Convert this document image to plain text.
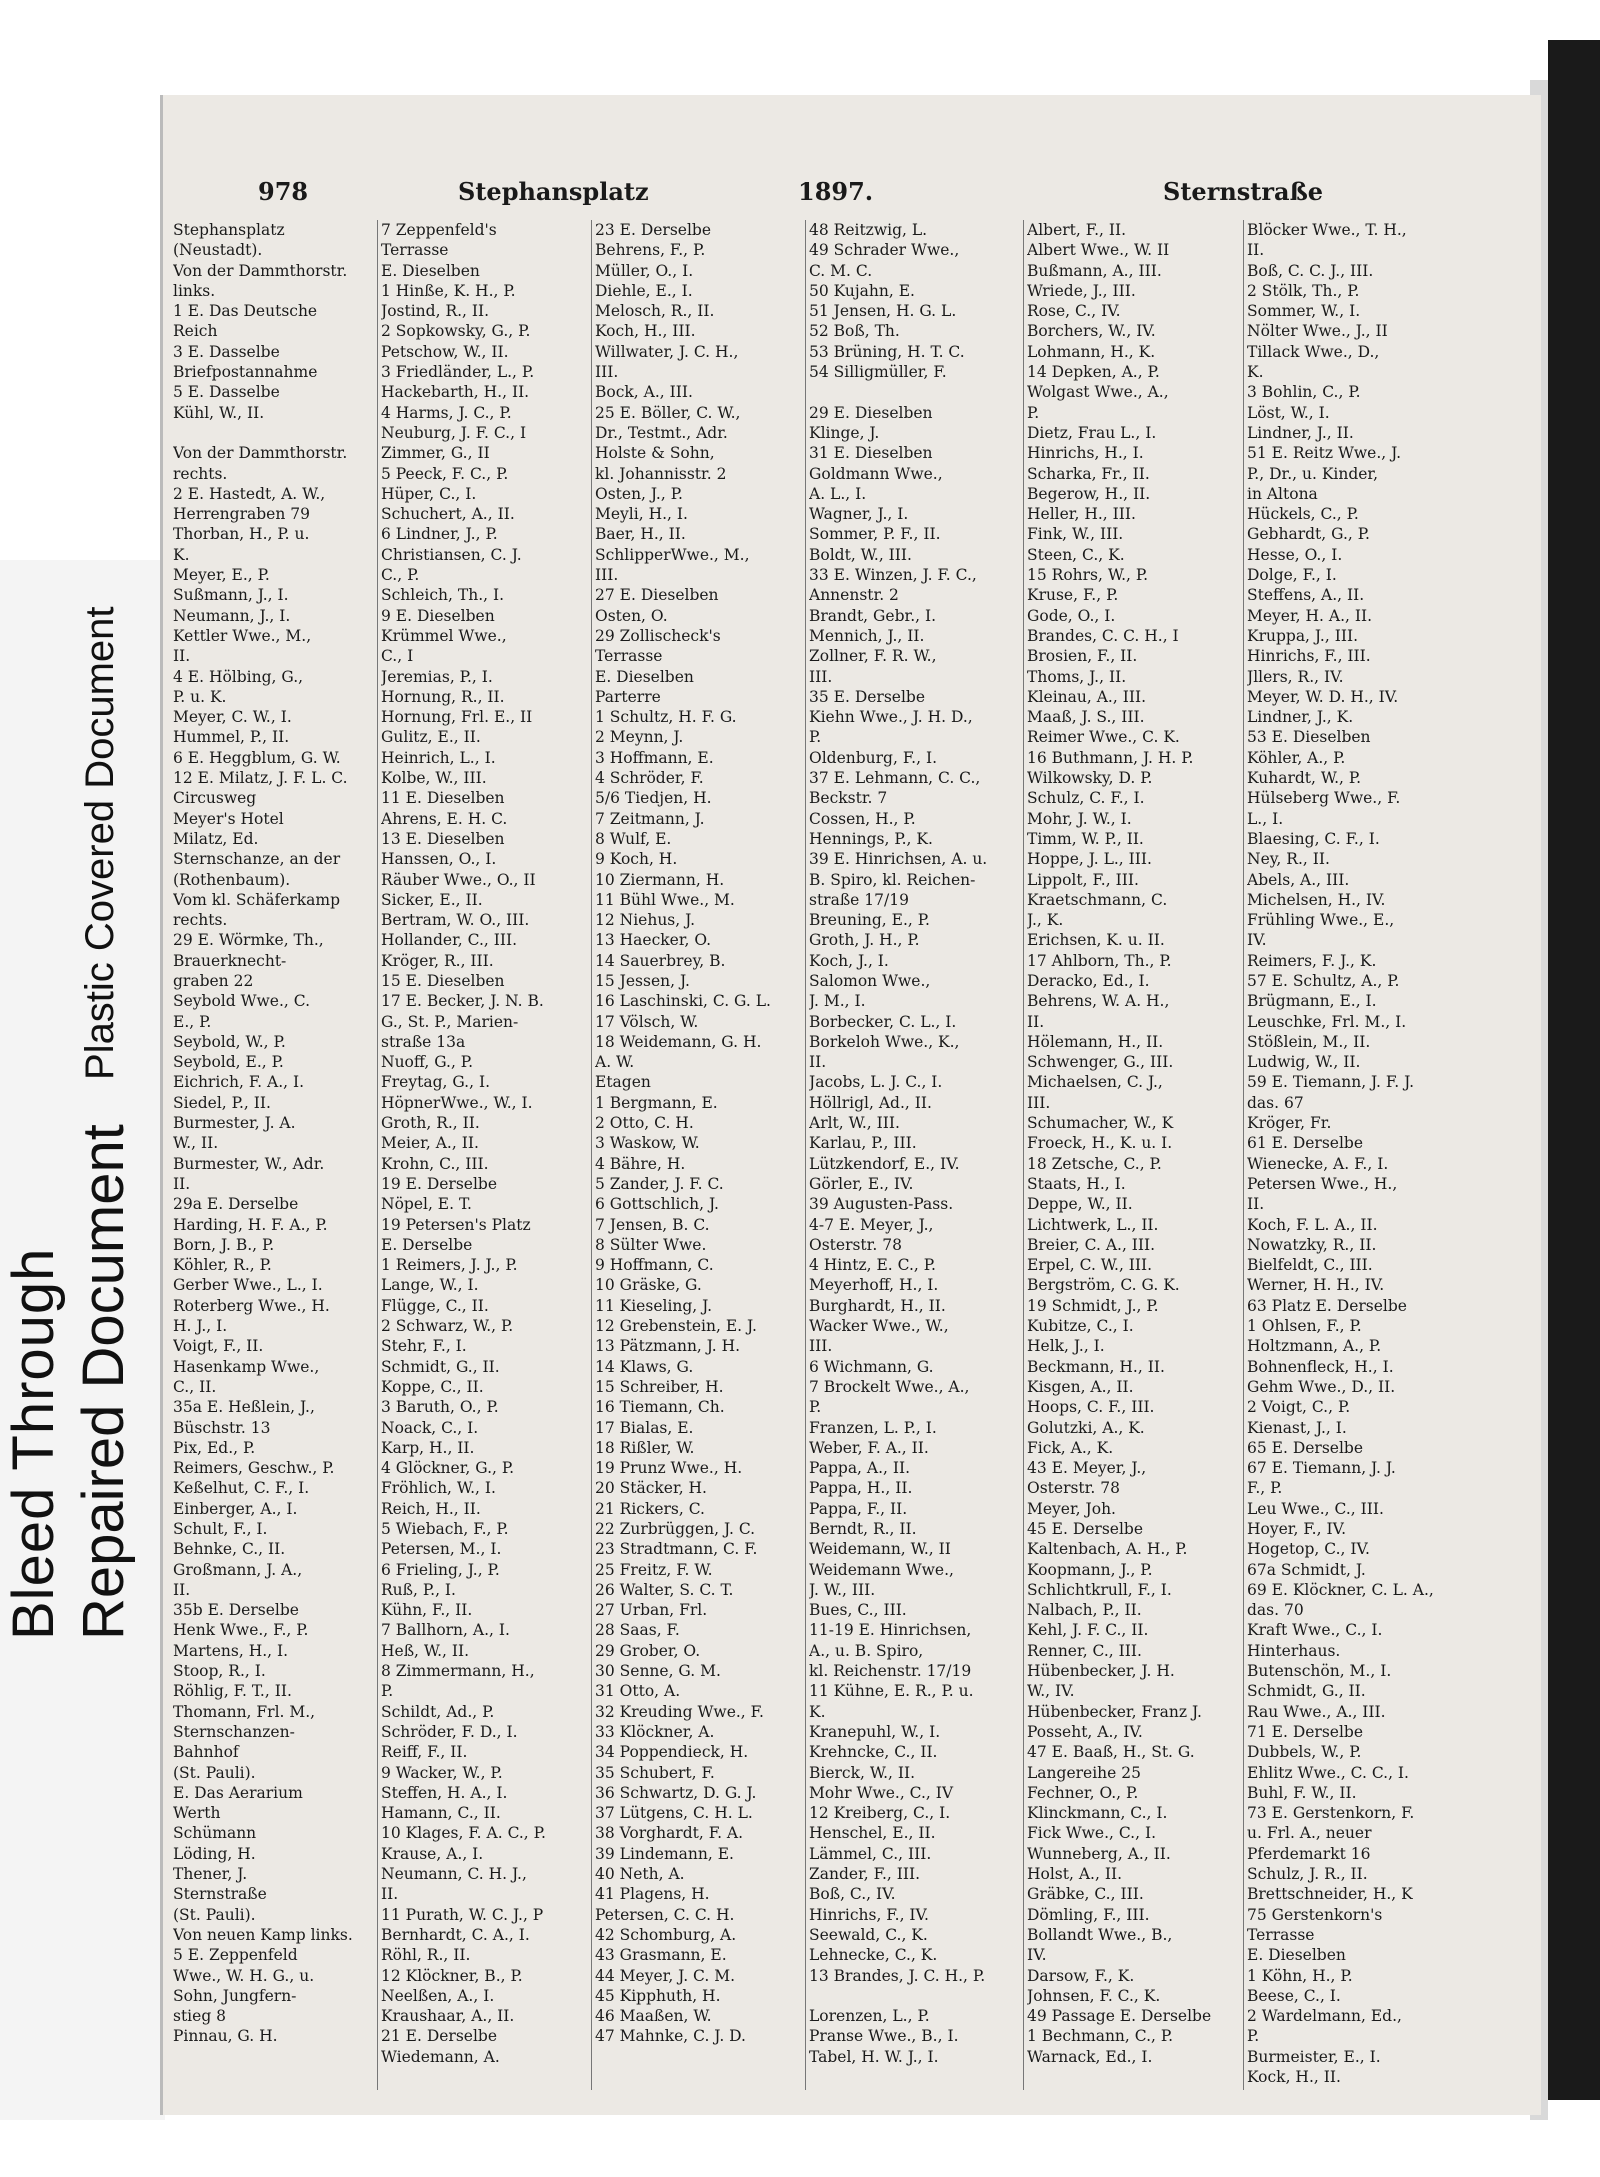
Bleed Through Repaired Document
Plastic Covered Document
978	Stephansplatz	1897.	Sternstraße
Stephansplatz
(Neustadt).
Von der Dammthorstr.
links.
1 E. Das Deutsche
Reich
3 E. Dasselbe
Briefpostannahme
5 E. Dasselbe
Kühl, W., II.

Von der Dammthorstr.
rechts.
2 E. Hastedt, A. W.,
Herrengraben 79
Thorban, H., P. u.
K.
Meyer, E., P.
Sußmann, J., I.
Neumann, J., I.
Kettler Wwe., M.,
II.
4 E. Hölbing, G.,
P. u. K.
Meyer, C. W., I.
Hummel, P., II.
6 E. Heggblum, G. W.
12 E. Milatz, J. F. L. C.
Circusweg
Meyer's Hotel
Milatz, Ed.
Sternschanze, an der
(Rothenbaum).
Vom kl. Schäferkamp
rechts.
29 E. Wörmke, Th.,
Brauerknecht-
graben 22
Seybold Wwe., C.
E., P.
Seybold, W., P.
Seybold, E., P.
Eichrich, F. A., I.
Siedel, P., II.
Burmester, J. A.
W., II.
Burmester, W., Adr.
II.
29a E. Derselbe
Harding, H. F. A., P.
Born, J. B., P.
Köhler, R., P.
Gerber Wwe., L., I.
Roterberg Wwe., H.
H. J., I.
Voigt, F., II.
Hasenkamp Wwe.,
C., II.
35a E. Heßlein, J.,
Büschstr. 13
Pix, Ed., P.
Reimers, Geschw., P.
Keßelhut, C. F., I.
Einberger, A., I.
Schult, F., I.
Behnke, C., II.
Großmann, J. A.,
II.
35b E. Derselbe
Henk Wwe., F., P.
Martens, H., I.
Stoop, R., I.
Röhlig, F. T., II.
Thomann, Frl. M.,
Sternschanzen-
Bahnhof
(St. Pauli).
E. Das Aerarium
Werth
Schümann
Löding, H.
Thener, J.
Sternstraße
(St. Pauli).
Von neuen Kamp links.
5 E. Zeppenfeld
Wwe., W. H. G., u.
Sohn, Jungfern-
stieg 8
Pinnau, G. H.
7 Zeppenfeld's
Terrasse
E. Dieselben
1 Hinße, K. H., P.
Jostind, R., II.
2 Sopkowsky, G., P.
Petschow, W., II.
3 Friedländer, L., P.
Hackebarth, H., II.
4 Harms, J. C., P.
Neuburg, J. F. C., I
Zimmer, G., II
5 Peeck, F. C., P.
Hüper, C., I.
Schuchert, A., II.
6 Lindner, J., P.
Christiansen, C. J.
C., P.
Schleich, Th., I.
9 E. Dieselben
Krümmel Wwe.,
C., I
Jeremias, P., I.
Hornung, R., II.
Hornung, Frl. E., II
Gulitz, E., II.
Heinrich, L., I.
Kolbe, W., III.
11 E. Dieselben
Ahrens, E. H. C.
13 E. Dieselben
Hanssen, O., I.
Räuber Wwe., O., II
Sicker, E., II.
Bertram, W. O., III.
Hollander, C., III.
Kröger, R., III.
15 E. Dieselben
17 E. Becker, J. N. B.
G., St. P., Marien-
straße 13a
Nuoff, G., P.
Freytag, G., I.
HöpnerWwe., W., I.
Groth, R., II.
Meier, A., II.
Krohn, C., III.
19 E. Derselbe
Nöpel, E. T.
19 Petersen's Platz
E. Derselbe
1 Reimers, J. J., P.
Lange, W., I.
Flügge, C., II.
2 Schwarz, W., P.
Stehr, F., I.
Schmidt, G., II.
Koppe, C., II.
3 Baruth, O., P.
Noack, C., I.
Karp, H., II.
4 Glöckner, G., P.
Fröhlich, W., I.
Reich, H., II.
5 Wiebach, F., P.
Petersen, M., I.
6 Frieling, J., P.
Ruß, P., I.
Kühn, F., II.
7 Ballhorn, A., I.
Heß, W., II.
8 Zimmermann, H.,
P.
Schildt, Ad., P.
Schröder, F. D., I.
Reiff, F., II.
9 Wacker, W., P.
Steffen, H. A., I.
Hamann, C., II.
10 Klages, F. A. C., P.
Krause, A., I.
Neumann, C. H. J.,
II.
11 Purath, W. C. J., P
Bernhardt, C. A., I.
Röhl, R., II.
12 Klöckner, B., P.
Neelßen, A., I.
Kraushaar, A., II.
21 E. Derselbe
Wiedemann, A.
23 E. Derselbe
Behrens, F., P.
Müller, O., I.
Diehle, E., I.
Melosch, R., II.
Koch, H., III.
Willwater, J. C. H.,
III.
Bock, A., III.
25 E. Böller, C. W.,
Dr., Testmt., Adr.
Holste & Sohn,
kl. Johannisstr. 2
Osten, J., P.
Meyli, H., I.
Baer, H., II.
SchlipperWwe., M.,
III.
27 E. Dieselben
Osten, O.
29 Zollischeck's
Terrasse
E. Dieselben
Parterre
1 Schultz, H. F. G.
2 Meynn, J.
3 Hoffmann, E.
4 Schröder, F.
5/6 Tiedjen, H.
7 Zeitmann, J.
8 Wulf, E.
9 Koch, H.
10 Ziermann, H.
11 Bühl Wwe., M.
12 Niehus, J.
13 Haecker, O.
14 Sauerbrey, B.
15 Jessen, J.
16 Laschinski, C. G. L.
17 Völsch, W.
18 Weidemann, G. H.
A. W.
Etagen
1 Bergmann, E.
2 Otto, C. H.
3 Waskow, W.
4 Bähre, H.
5 Zander, J. F. C.
6 Gottschlich, J.
7 Jensen, B. C.
8 Sülter Wwe.
9 Hoffmann, C.
10 Gräske, G.
11 Kieseling, J.
12 Grebenstein, E. J.
13 Pätzmann, J. H.
14 Klaws, G.
15 Schreiber, H.
16 Tiemann, Ch.
17 Bialas, E.
18 Rißler, W.
19 Prunz Wwe., H.
20 Stäcker, H.
21 Rickers, C.
22 Zurbrüggen, J. C.
23 Stradtmann, C. F.
25 Freitz, F. W.
26 Walter, S. C. T.
27 Urban, Frl.
28 Saas, F.
29 Grober, O.
30 Senne, G. M.
31 Otto, A.
32 Kreuding Wwe., F.
33 Klöckner, A.
34 Poppendieck, H.
35 Schubert, F.
36 Schwartz, D. G. J.
37 Lütgens, C. H. L.
38 Vorghardt, F. A.
39 Lindemann, E.
40 Neth, A.
41 Plagens, H.
Petersen, C. C. H.
42 Schomburg, A.
43 Grasmann, E.
44 Meyer, J. C. M.
45 Kipphuth, H.
46 Maaßen, W.
47 Mahnke, C. J. D.
48 Reitzwig, L.
49 Schrader Wwe.,
C. M. C.
50 Kujahn, E.
51 Jensen, H. G. L.
52 Boß, Th.
53 Brüning, H. T. C.
54 Silligmüller, F.

29 E. Dieselben
Klinge, J.
31 E. Dieselben
Goldmann Wwe.,
A. L., I.
Wagner, J., I.
Sommer, P. F., II.
Boldt, W., III.
33 E. Winzen, J. F. C.,
Annenstr. 2
Brandt, Gebr., I.
Mennich, J., II.
Zollner, F. R. W.,
III.
35 E. Derselbe
Kiehn Wwe., J. H. D.,
P.
Oldenburg, F., I.
37 E. Lehmann, C. C.,
Beckstr. 7
Cossen, H., P.
Hennings, P., K.
39 E. Hinrichsen, A. u.
B. Spiro, kl. Reichen-
straße 17/19
Breuning, E., P.
Groth, J. H., P.
Koch, J., I.
Salomon Wwe.,
J. M., I.
Borbecker, C. L., I.
Borkeloh Wwe., K.,
II.
Jacobs, L. J. C., I.
Höllrigl, Ad., II.
Arlt, W., III.
Karlau, P., III.
Lützkendorf, E., IV.
Görler, E., IV.
39 Augusten-Pass.
4-7 E. Meyer, J.,
Osterstr. 78
4 Hintz, E. C., P.
Meyerhoff, H., I.
Burghardt, H., II.
Wacker Wwe., W.,
III.
6 Wichmann, G.
7 Brockelt Wwe., A.,
P.
Franzen, L. P., I.
Weber, F. A., II.
Pappa, A., II.
Pappa, H., II.
Pappa, F., II.
Berndt, R., II.
Weidemann, W., II
Weidemann Wwe.,
J. W., III.
Bues, C., III.
11-19 E. Hinrichsen,
A., u. B. Spiro,
kl. Reichenstr. 17/19
11 Kühne, E. R., P. u.
K.
Kranepuhl, W., I.
Krehncke, C., II.
Bierck, W., II.
Mohr Wwe., C., IV
12 Kreiberg, C., I.
Henschel, E., II.
Lämmel, C., III.
Zander, F., III.
Boß, C., IV.
Hinrichs, F., IV.
Seewald, C., K.
Lehnecke, C., K.
13 Brandes, J. C. H., P.

Lorenzen, L., P.
Pranse Wwe., B., I.
Tabel, H. W. J., I.
Albert, F., II.
Albert Wwe., W. II
Bußmann, A., III.
Wriede, J., III.
Rose, C., IV.
Borchers, W., IV.
Lohmann, H., K.
14 Depken, A., P.
Wolgast Wwe., A.,
P.
Dietz, Frau L., I.
Hinrichs, H., I.
Scharka, Fr., II.
Begerow, H., II.
Heller, H., III.
Fink, W., III.
Steen, C., K.
15 Rohrs, W., P.
Kruse, F., P.
Gode, O., I.
Brandes, C. C. H., I
Brosien, F., II.
Thoms, J., II.
Kleinau, A., III.
Maaß, J. S., III.
Reimer Wwe., C. K.
16 Buthmann, J. H. P.
Wilkowsky, D. P.
Schulz, C. F., I.
Mohr, J. W., I.
Timm, W. P., II.
Hoppe, J. L., III.
Lippolt, F., III.
Kraetschmann, C.
J., K.
Erichsen, K. u. II.
17 Ahlborn, Th., P.
Deracko, Ed., I.
Behrens, W. A. H.,
II.
Hölemann, H., II.
Schwenger, G., III.
Michaelsen, C. J.,
III.
Schumacher, W., K
Froeck, H., K. u. I.
18 Zetsche, C., P.
Staats, H., I.
Deppe, W., II.
Lichtwerk, L., II.
Breier, C. A., III.
Erpel, C. W., III.
Bergström, C. G. K.
19 Schmidt, J., P.
Kubitze, C., I.
Helk, J., I.
Beckmann, H., II.
Kisgen, A., II.
Hoops, C. F., III.
Golutzki, A., K.
Fick, A., K.
43 E. Meyer, J.,
Osterstr. 78
Meyer, Joh.
45 E. Derselbe
Kaltenbach, A. H., P.
Koopmann, J., P.
Schlichtkrull, F., I.
Nalbach, P., II.
Kehl, J. F. C., II.
Renner, C., III.
Hübenbecker, J. H.
W., IV.
Hübenbecker, Franz J.
Posseht, A., IV.
47 E. Baaß, H., St. G.
Langereihe 25
Fechner, O., P.
Klinckmann, C., I.
Fick Wwe., C., I.
Wunneberg, A., II.
Holst, A., II.
Gräbke, C., III.
Dömling, F., III.
Bollandt Wwe., B.,
IV.
Darsow, F., K.
Johnsen, F. C., K.
49 Passage E. Derselbe
1 Bechmann, C., P.
Warnack, Ed., I.
Blöcker Wwe., T. H.,
II.
Boß, C. C. J., III.
2 Stölk, Th., P.
Sommer, W., I.
Nölter Wwe., J., II
Tillack Wwe., D.,
K.
3 Bohlin, C., P.
Löst, W., I.
Lindner, J., II.
51 E. Reitz Wwe., J.
P., Dr., u. Kinder,
in Altona
Hückels, C., P.
Gebhardt, G., P.
Hesse, O., I.
Dolge, F., I.
Steffens, A., II.
Meyer, H. A., II.
Kruppa, J., III.
Hinrichs, F., III.
Jllers, R., IV.
Meyer, W. D. H., IV.
Lindner, J., K.
53 E. Dieselben
Köhler, A., P.
Kuhardt, W., P.
Hülseberg Wwe., F.
L., I.
Blaesing, C. F., I.
Ney, R., II.
Abels, A., III.
Michelsen, H., IV.
Frühling Wwe., E.,
IV.
Reimers, F. J., K.
57 E. Schultz, A., P.
Brügmann, E., I.
Leuschke, Frl. M., I.
Stößlein, M., II.
Ludwig, W., II.
59 E. Tiemann, J. F. J.
das. 67
Kröger, Fr.
61 E. Derselbe
Wienecke, A. F., I.
Petersen Wwe., H.,
II.
Koch, F. L. A., II.
Nowatzky, R., II.
Bielfeldt, C., III.
Werner, H. H., IV.
63 Platz E. Derselbe
1 Ohlsen, F., P.
Holtzmann, A., P.
Bohnenfleck, H., I.
Gehm Wwe., D., II.
2 Voigt, C., P.
Kienast, J., I.
65 E. Derselbe
67 E. Tiemann, J. J.
F., P.
Leu Wwe., C., III.
Hoyer, F., IV.
Hogetop, C., IV.
67a Schmidt, J.
69 E. Klöckner, C. L. A.,
das. 70
Kraft Wwe., C., I.
Hinterhaus.
Butenschön, M., I.
Schmidt, G., II.
Rau Wwe., A., III.
71 E. Derselbe
Dubbels, W., P.
Ehlitz Wwe., C. C., I.
Buhl, F. W., II.
73 E. Gerstenkorn, F.
u. Frl. A., neuer
Pferdemarkt 16
Schulz, J. R., II.
Brettschneider, H., K
75 Gerstenkorn's
Terrasse
E. Dieselben
1 Köhn, H., P.
Beese, C., I.
2 Wardelmann, Ed.,
P.
Burmeister, E., I.
Kock, H., II.
